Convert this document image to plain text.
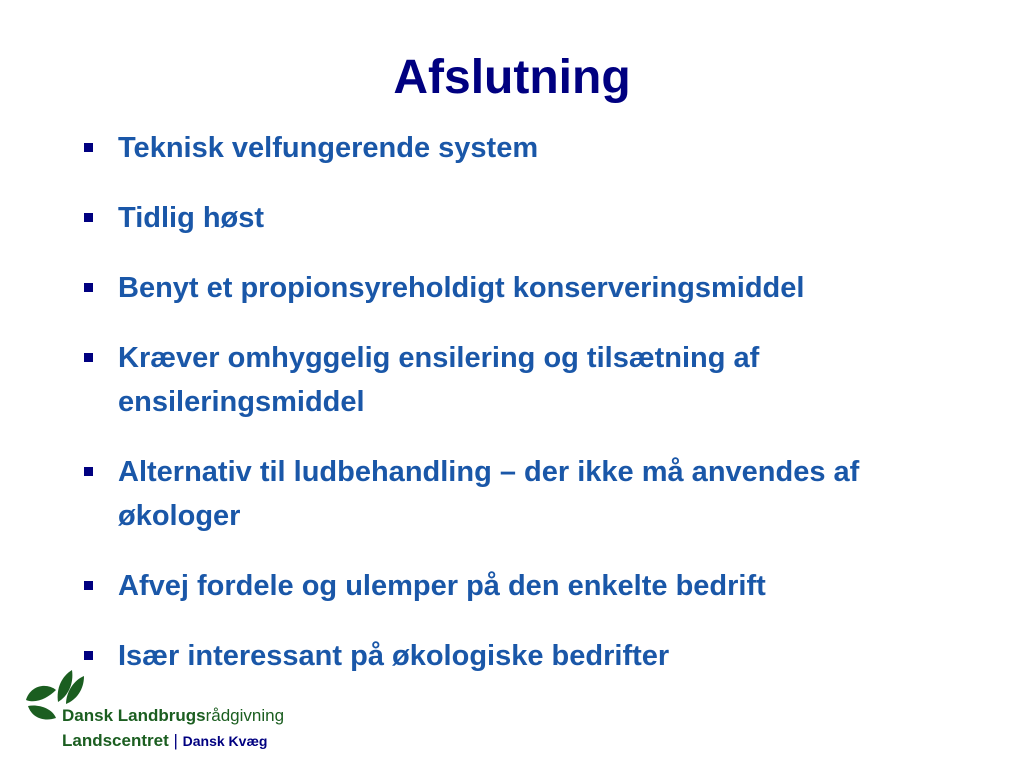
Afslutning
Teknisk velfungerende system
Tidlig høst
Benyt et propionsyreholdigt konserveringsmiddel
Kræver omhyggelig ensilering og tilsætning af ensileringsmiddel
Alternativ til ludbehandling – der ikke må anvendes af økologer
Afvej fordele og ulemper på den enkelte bedrift
Især interessant på økologiske bedrifter
Dansk Landbrugsrådgivning
Landscentret | Dansk Kvæg
